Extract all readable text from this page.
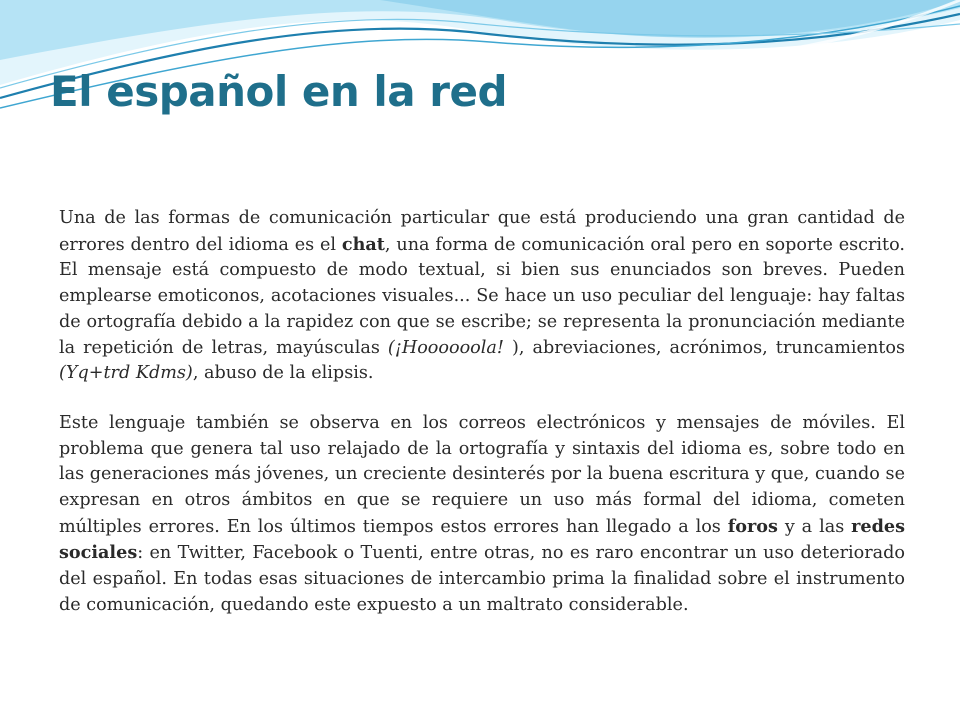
El español en la red

Una de las formas de comunicación particular que está produciendo una gran cantidad de errores dentro del idioma es el chat, una forma de comunicación oral pero en soporte escrito. El mensaje está compuesto de modo textual, si bien sus enunciados son breves. Pueden emplearse emoticonos, acotaciones visuales... Se hace un uso peculiar del lenguaje: hay faltas de ortografía debido a la rapidez con que se escribe; se representa la pronunciación mediante la repetición de letras, mayúsculas (¡Hoooooola! ), abreviaciones, acrónimos, truncamientos (Yq+trd Kdms), abuso de la elipsis.

Este lenguaje también se observa en los correos electrónicos y mensajes de móviles. El problema que genera tal uso relajado de la ortografía y sintaxis del idioma es, sobre todo en las generaciones más jóvenes, un creciente desinterés por la buena escritura y que, cuando se expresan en otros ámbitos en que se requiere un uso más formal del idioma, cometen múltiples errores. En los últimos tiempos estos errores han llegado a los foros y a las redes sociales: en Twitter, Facebook o Tuenti, entre otras, no es raro encontrar un uso deteriorado del español. En todas esas situaciones de intercambio prima la finalidad sobre el instrumento de comunicación, quedando este expuesto a un maltrato considerable.
